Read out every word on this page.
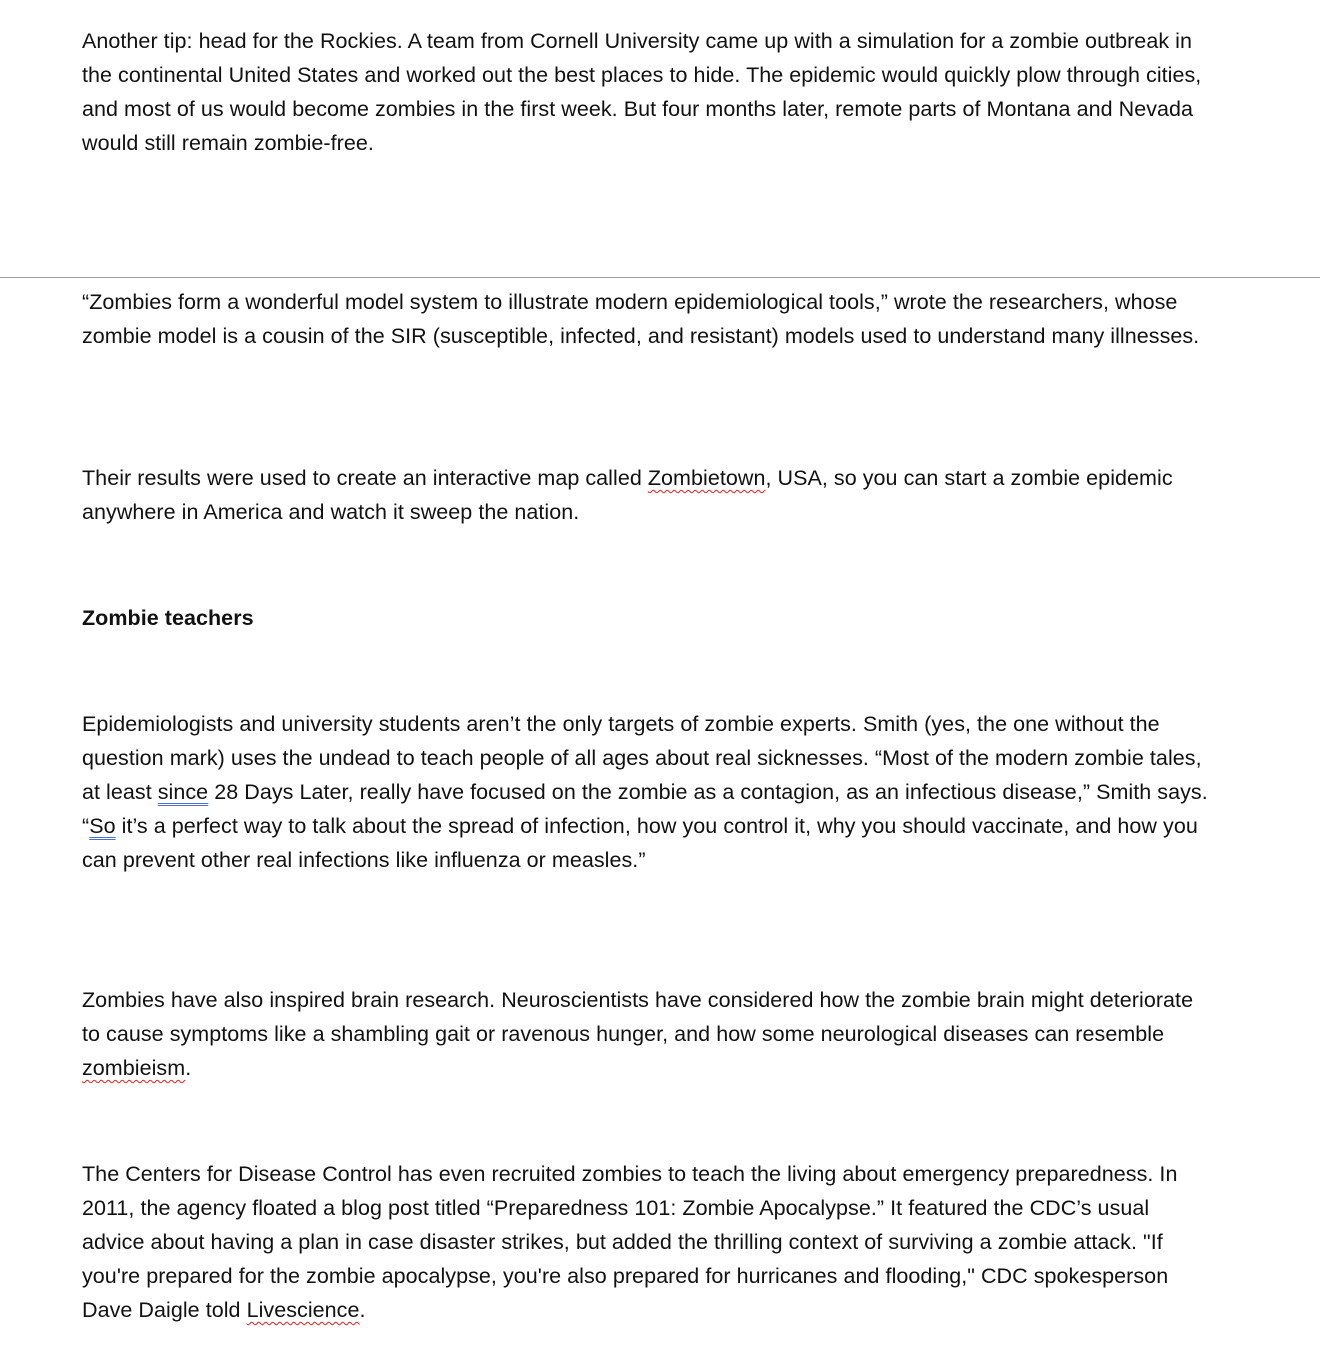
Another tip: head for the Rockies. A team from Cornell University came up with a simulation for a zombie outbreak in the continental United States and worked out the best places to hide. The epidemic would quickly plow through cities, and most of us would become zombies in the first week. But four months later, remote parts of Montana and Nevada would still remain zombie-free.

“Zombies form a wonderful model system to illustrate modern epidemiological tools,” wrote the researchers, whose zombie model is a cousin of the SIR (susceptible, infected, and resistant) models used to understand many illnesses.

Their results were used to create an interactive map called Zombietown, USA, so you can start a zombie epidemic anywhere in America and watch it sweep the nation.

Zombie teachers

Epidemiologists and university students aren’t the only targets of zombie experts. Smith (yes, the one without the question mark) uses the undead to teach people of all ages about real sicknesses. “Most of the modern zombie tales, at least since 28 Days Later, really have focused on the zombie as a contagion, as an infectious disease,” Smith says. “So it’s a perfect way to talk about the spread of infection, how you control it, why you should vaccinate, and how you can prevent other real infections like influenza or measles.”

Zombies have also inspired brain research. Neuroscientists have considered how the zombie brain might deteriorate to cause symptoms like a shambling gait or ravenous hunger, and how some neurological diseases can resemble zombieism.

The Centers for Disease Control has even recruited zombies to teach the living about emergency preparedness. In 2011, the agency floated a blog post titled “Preparedness 101: Zombie Apocalypse.” It featured the CDC’s usual advice about having a plan in case disaster strikes, but added the thrilling context of surviving a zombie attack. "If you're prepared for the zombie apocalypse, you're also prepared for hurricanes and flooding," CDC spokesperson Dave Daigle told Livescience.
